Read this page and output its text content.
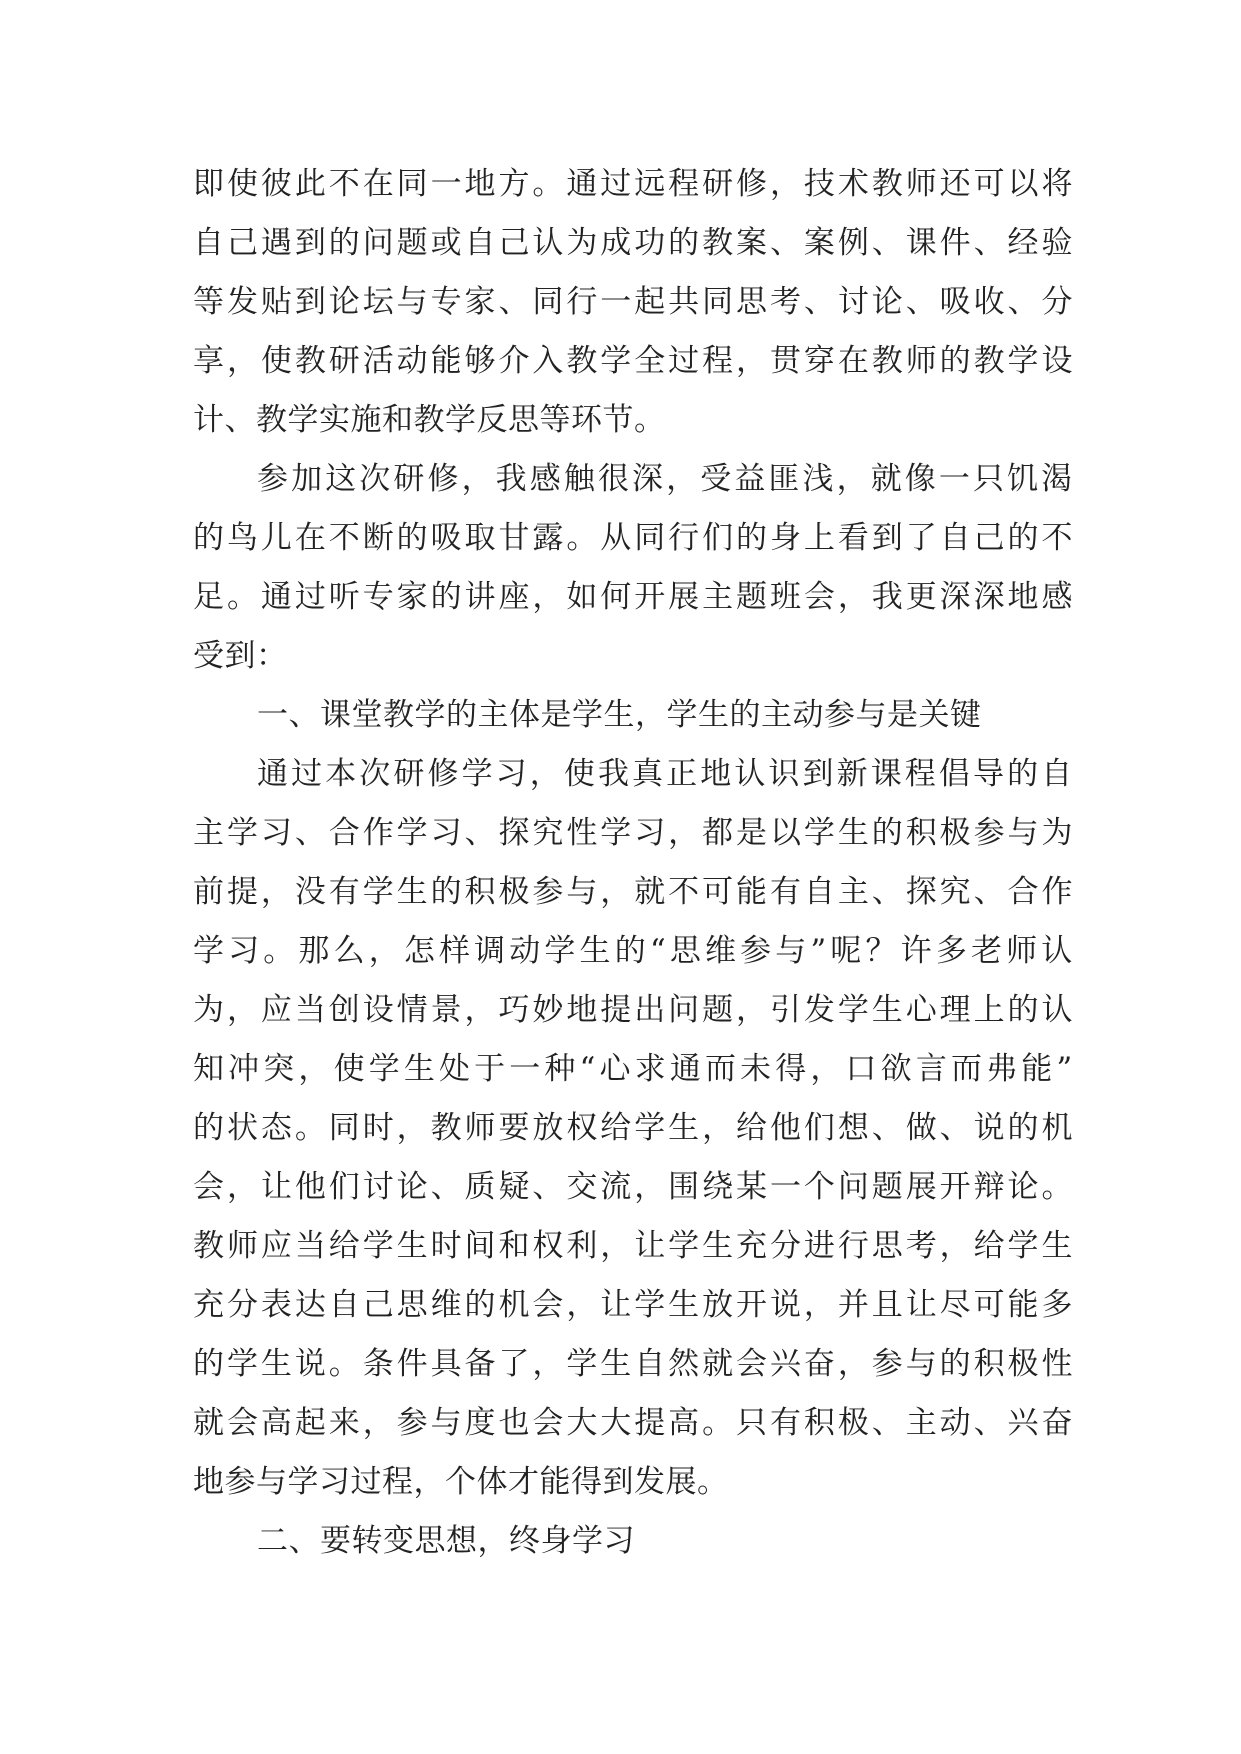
即 使 彼 此 不 在 同 一 地 方 。 通 过 远 程 研 修 ， 技 术 教 师 还 可 以 将
自 己 遇 到 的 问 题 或 自 己 认 为 成 功 的 教 案 、 案 例 、 课 件 、 经 验
等 发 贴 到 论 坛 与 专 家 、 同 行 一 起 共 同 思 考 、 讨 论 、 吸 收 、 分
享 ， 使 教 研 活 动 能 够 介 入 教 学 全 过 程 ， 贯 穿 在 教 师 的 教 学 设
计、教学实施和教学反思等环节。
参 加 这 次 研 修 ， 我 感 触 很 深 ， 受 益 匪 浅 ， 就 像 一 只 饥 渴
的 鸟 儿 在 不 断 的 吸 取 甘 露 。 从 同 行 们 的 身 上 看 到 了 自 己 的 不
足 。 通 过 听 专 家 的 讲 座 ， 如 何 开 展 主 题 班 会 ， 我 更 深 深 地 感
受到：
一、课堂教学的主体是学生，学生的主动参与是关键
通 过 本 次 研 修 学 习 ， 使 我 真 正 地 认 识 到 新 课 程 倡 导 的 自
主 学 习 、 合 作 学 习 、 探 究 性 学 习 ， 都 是 以 学 生 的 积 极 参 与 为
前 提 ， 没 有 学 生 的 积 极 参 与 ， 就 不 可 能 有 自 主 、 探 究 、 合 作
学 习 。 那 么 ， 怎 样 调 动 学 生 的 “ 思 维 参 与 ” 呢 ？ 许 多 老 师 认
为 ， 应 当 创 设 情 景 ， 巧 妙 地 提 出 问 题 ， 引 发 学 生 心 理 上 的 认
知 冲 突 ， 使 学 生 处 于 一 种 “ 心 求 通 而 未 得 ， 口 欲 言 而 弗 能 ”
的 状 态 。 同 时 ， 教 师 要 放 权 给 学 生 ， 给 他 们 想 、 做 、 说 的 机
会 ， 让 他 们 讨 论 、 质 疑 、 交 流 ， 围 绕 某 一 个 问 题 展 开 辩 论 。
教 师 应 当 给 学 生 时 间 和 权 利 ， 让 学 生 充 分 进 行 思 考 ， 给 学 生
充 分 表 达 自 己 思 维 的 机 会 ， 让 学 生 放 开 说 ， 并 且 让 尽 可 能 多
的 学 生 说 。 条 件 具 备 了 ， 学 生 自 然 就 会 兴 奋 ， 参 与 的 积 极 性
就 会 高 起 来 ， 参 与 度 也 会 大 大 提 高 。 只 有 积 极 、 主 动 、 兴 奋
地参与学习过程，个体才能得到发展。
二、要转变思想，终身学习
